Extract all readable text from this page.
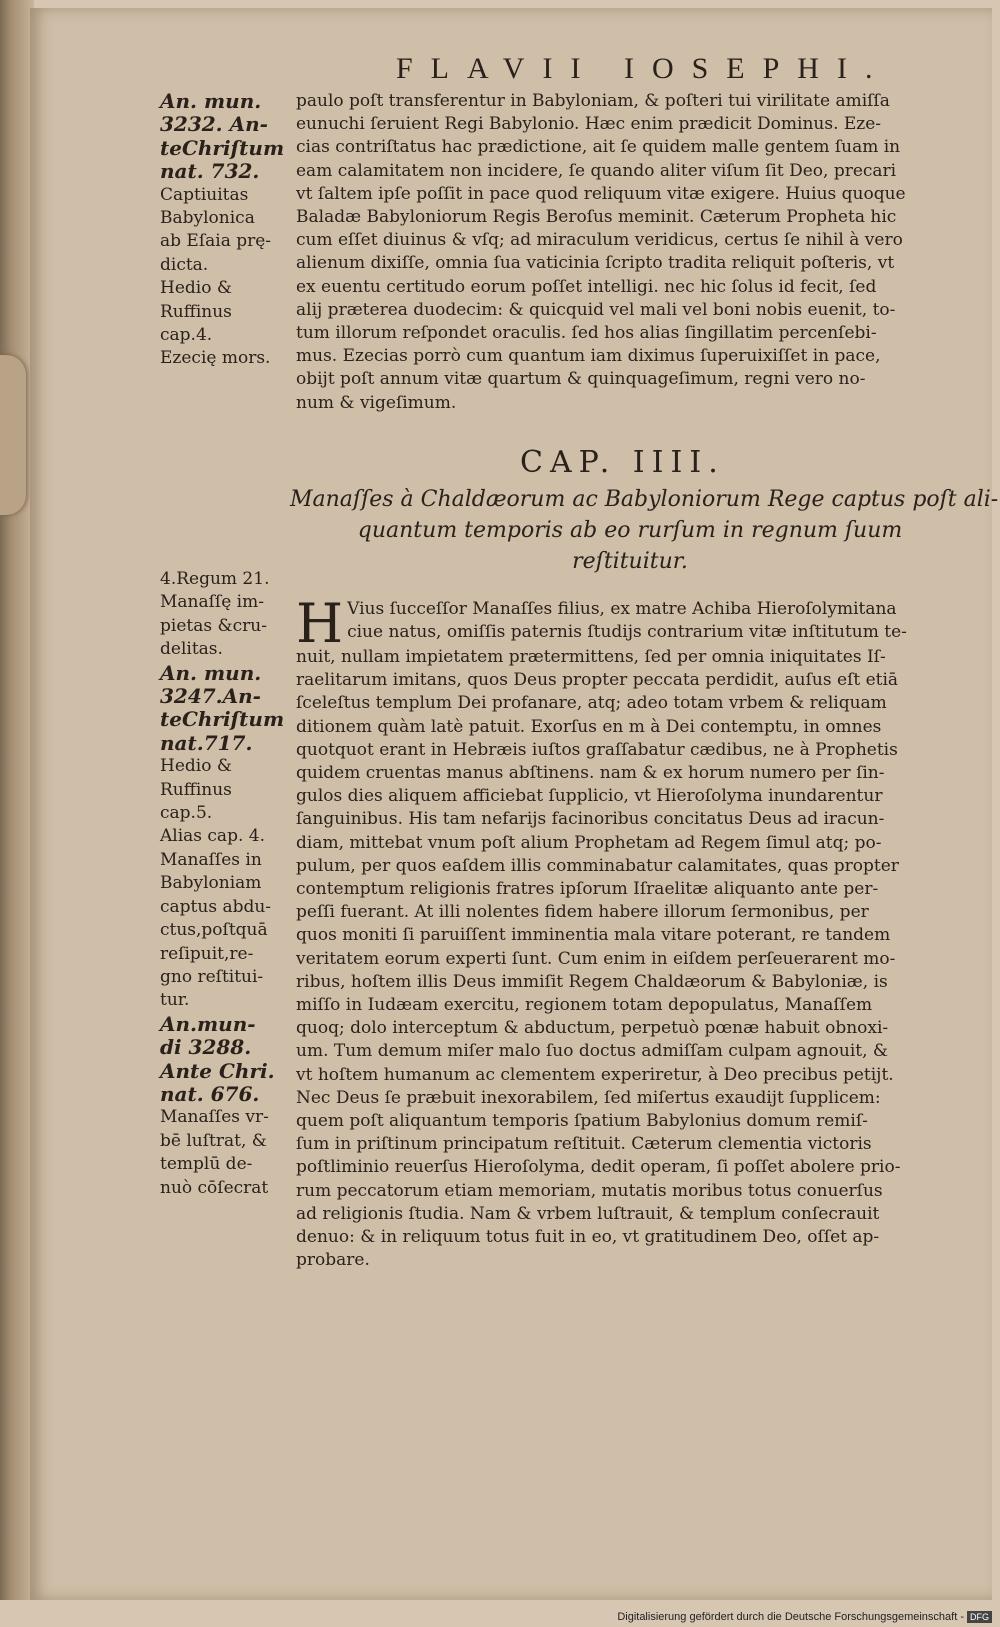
FLAVII IOSEPHI.
An. mun.
3232. An-
teChriſtum
nat. 732.
Captiuitas
Babylonica
ab Eſaia prę-
dicta.
Hedio &
Ruffinus
cap.4.
Ezecię mors.
paulo poſt transferentur in Babyloniam, & poſteri tui virilitate amiſſa
eunuchi ſeruient Regi Babylonio. Hæc enim prædicit Dominus. Eze-
cias contriſtatus hac prædictione, ait ſe quidem malle gentem ſuam in
eam calamitatem non incidere, ſe quando aliter viſum ſit Deo, precari
vt ſaltem ipſe poſſit in pace quod reliquum vitæ exigere. Huius quoque
Baladæ Babyloniorum Regis Beroſus meminit. Cæterum Propheta hic
cum eſſet diuinus & vſq; ad miraculum veridicus, certus ſe nihil à vero
alienum dixiſſe, omnia ſua vaticinia ſcripto tradita reliquit poſteris, vt
ex euentu certitudo eorum poſſet intelligi. nec hic ſolus id fecit, ſed
alij præterea duodecim: & quicquid vel mali vel boni nobis euenit, to-
tum illorum reſpondet oraculis. ſed hos alias ſingillatim percenſebi-
mus. Ezecias porrò cum quantum iam diximus ſuperuixiſſet in pace,
obijt poſt annum vitæ quartum & quinquageſimum, regni vero no-
num & vigeſimum.
CAP. IIII.
Manaſſes à Chaldæorum ac Babyloniorum Rege captus poſt ali-
quantum temporis ab eo rurſum in regnum ſuum
reſtituitur.
4.Regum 21.
Manaſſę im-
pietas &cru-
delitas.
An. mun.
3247.An-
teChriſtum
nat.717.
Hedio &
Ruffinus
cap.5.
Alias cap. 4.
Manaſſes in
Babyloniam
captus abdu-
ctus,poſtquā
reſipuit,re-
gno reſtitui-
tur.
An.mun-
di 3288.
Ante Chri.
nat. 676.
Manaſſes vr-
bē luſtrat, &
templū de-
nuò cōſecrat
H Vius ſucceſſor Manaſſes filius, ex matre Achiba Hieroſolymitana
ciue natus, omiſſis paternis ſtudijs contrarium vitæ inſtitutum te-
nuit, nullam impietatem prætermittens, ſed per omnia iniquitates Iſ-
raelitarum imitans, quos Deus propter peccata perdidit, auſus eſt etiā
ſceleſtus templum Dei profanare, atq; adeo totam vrbem & reliquam
ditionem quàm latè patuit. Exorſus en m à Dei contemptu, in omnes
quotquot erant in Hebræis iuſtos graſſabatur cædibus, ne à Prophetis
quidem cruentas manus abſtinens. nam & ex horum numero per ſin-
gulos dies aliquem afficiebat ſupplicio, vt Hieroſolyma inundarentur
ſanguinibus. His tam nefarijs facinoribus concitatus Deus ad iracun-
diam, mittebat vnum poſt alium Prophetam ad Regem ſimul atq; po-
pulum, per quos eaſdem illis comminabatur calamitates, quas propter
contemptum religionis fratres ipſorum Iſraelitæ aliquanto ante per-
peſſi fuerant. At illi nolentes fidem habere illorum ſermonibus, per
quos moniti ſi paruiſſent imminentia mala vitare poterant, re tandem
veritatem eorum experti ſunt. Cum enim in eiſdem perſeuerarent mo-
ribus, hoſtem illis Deus immiſit Regem Chaldæorum & Babyloniæ, is
miſſo in Iudæam exercitu, regionem totam depopulatus, Manaſſem
quoq; dolo interceptum & abductum, perpetuò pœnæ habuit obnoxi-
um. Tum demum miſer malo ſuo doctus admiſſam culpam agnouit, &
vt hoſtem humanum ac clementem experiretur, à Deo precibus petijt.
Nec Deus ſe præbuit inexorabilem, ſed miſertus exaudijt ſupplicem:
quem poſt aliquantum temporis ſpatium Babylonius domum remiſ-
ſum in priſtinum principatum reſtituit. Cæterum clementia victoris
poſtliminio reuerſus Hieroſolyma, dedit operam, ſi poſſet abolere prio-
rum peccatorum etiam memoriam, mutatis moribus totus conuerſus
ad religionis ſtudia. Nam & vrbem luſtrauit, & templum conſecrauit
denuo: & in reliquum totus fuit in eo, vt gratitudinem Deo, oſſet ap-
probare.
Digitalisierung gefördert durch die Deutsche Forschungsgemeinschaft - DFG
